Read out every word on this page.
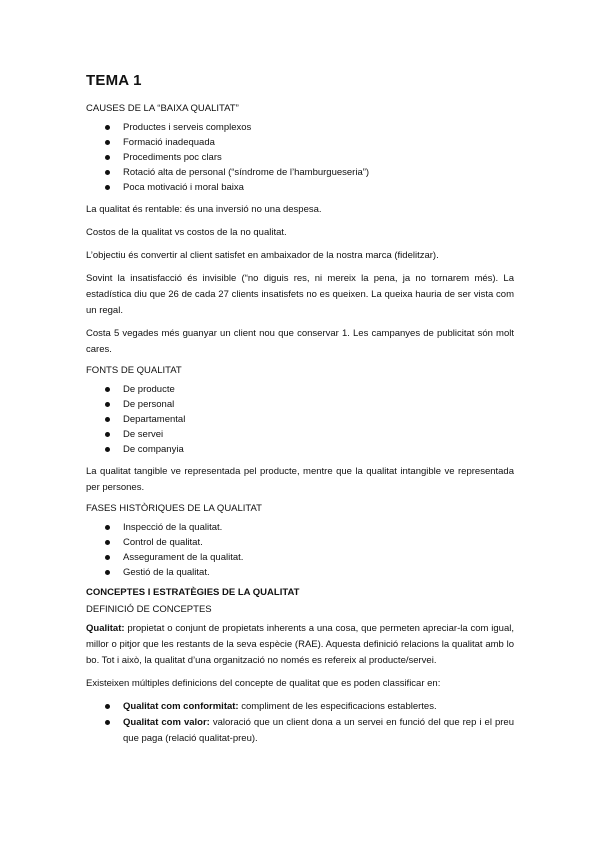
TEMA 1
CAUSES DE LA “BAIXA QUALITAT”
Productes i serveis complexos
Formació inadequada
Procediments poc clars
Rotació alta de personal (“síndrome de l’hamburgueseria”)
Poca motivació i moral baixa

La qualitat és rentable: és una inversió no una despesa.

Costos de la qualitat vs costos de la no qualitat.

L’objectiu és convertir al client satisfet en ambaixador de la nostra marca (fidelitzar).

Sovint la insatisfacció és invisible (“no diguis res, ni mereix la pena, ja no tornarem més). La estadística diu que 26 de cada 27 clients insatisfets no es queixen. La queixa hauria de ser vista com un regal.

Costa 5 vegades més guanyar un client nou que conservar 1. Les campanyes de publicitat són molt cares.

FONTS DE QUALITAT
De producte
De personal
Departamental
De servei
De companyia

La qualitat tangible ve representada pel producte, mentre que la qualitat intangible ve representada per persones.

FASES HISTÒRIQUES DE LA QUALITAT
Inspecció de la qualitat.
Control de qualitat.
Assegurament de la qualitat.
Gestió de la qualitat.
CONCEPTES I ESTRATÈGIES DE LA QUALITAT
DEFINICIÓ DE CONCEPTES

Qualitat: propietat o conjunt de propietats inherents a una cosa, que permeten apreciar-la com igual, millor o pitjor que les restants de la seva espècie (RAE). Aquesta definició relacions la qualitat amb lo bo. Tot i això, la qualitat d’una organització no només es refereix al producte/servei.

Existeixen múltiples definicions del concepte de qualitat que es poden classificar en:

Qualitat com conformitat: compliment de les especificacions establertes.
Qualitat com valor: valoració que un client dona a un servei en funció del que rep i el preu que paga (relació qualitat-preu).
